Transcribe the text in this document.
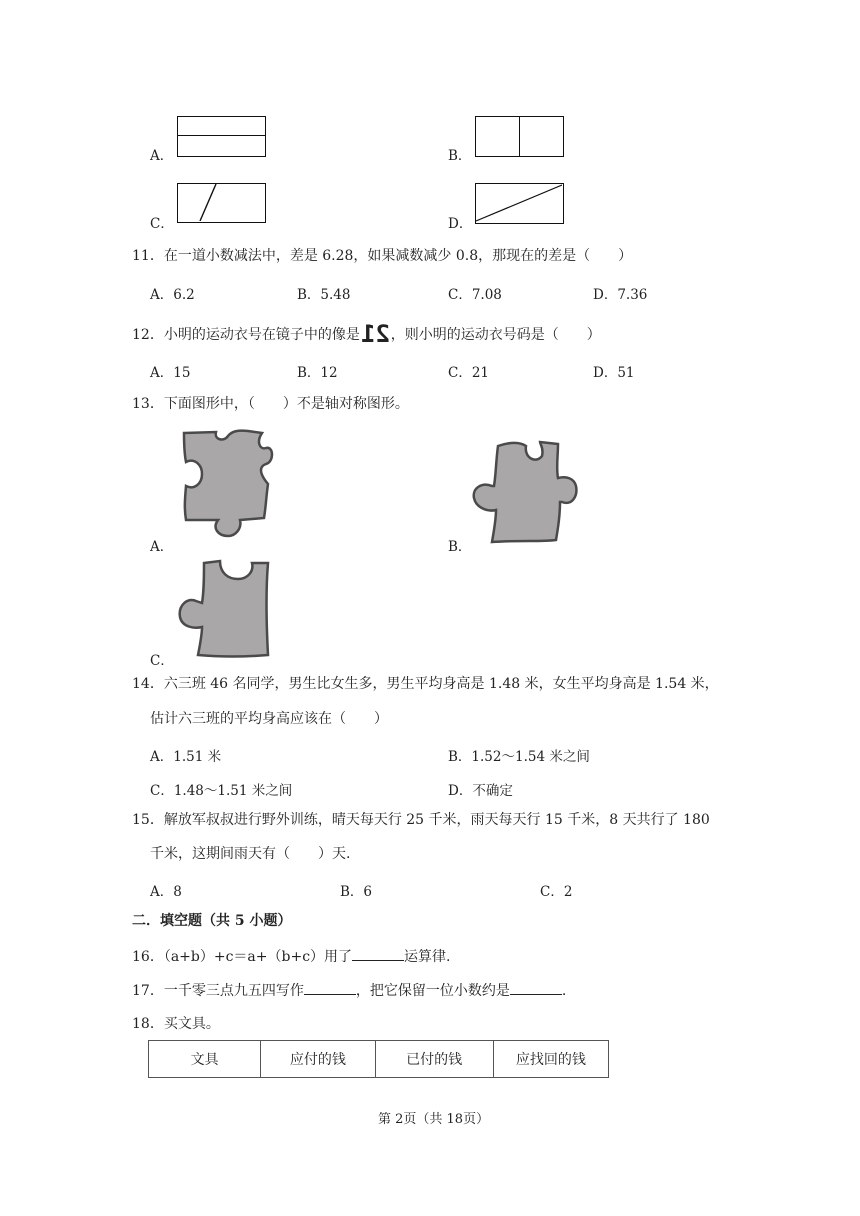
A．	B．
C．	D．
11．在一道小数减法中，差是 6.28，如果减数减少 0.8，那现在的差是（　　）
A．6.2	B．5.48	C．7.08	D．7.36
12．小明的运动衣号在镜子中的像是21，则小明的运动衣号码是（　　）
A．15	B．12	C．21	D．51
13．下面图形中，（　　）不是轴对称图形。
A．	B．
C．
14．六三班 46 名同学，男生比女生多，男生平均身高是 1.48 米，女生平均身高是 1.54 米，
估计六三班的平均身高应该在（　　）
A．1.51 米	B．1.52～1.54 米之间
C．1.48～1.51 米之间	D．不确定
15．解放军叔叔进行野外训练，晴天每天行 25 千米，雨天每天行 15 千米，8 天共行了 180
千米，这期间雨天有（　　）天.
A．8	B．6	C．2
二．填空题（共 5 小题）
16．（a+b）+c＝a+（b+c）用了	运算律.
17．一千零三点九五四写作	，把它保留一位小数约是	.
18．买文具。
文具	应付的钱	已付的钱	应找回的钱
第 2页（共 18页）
